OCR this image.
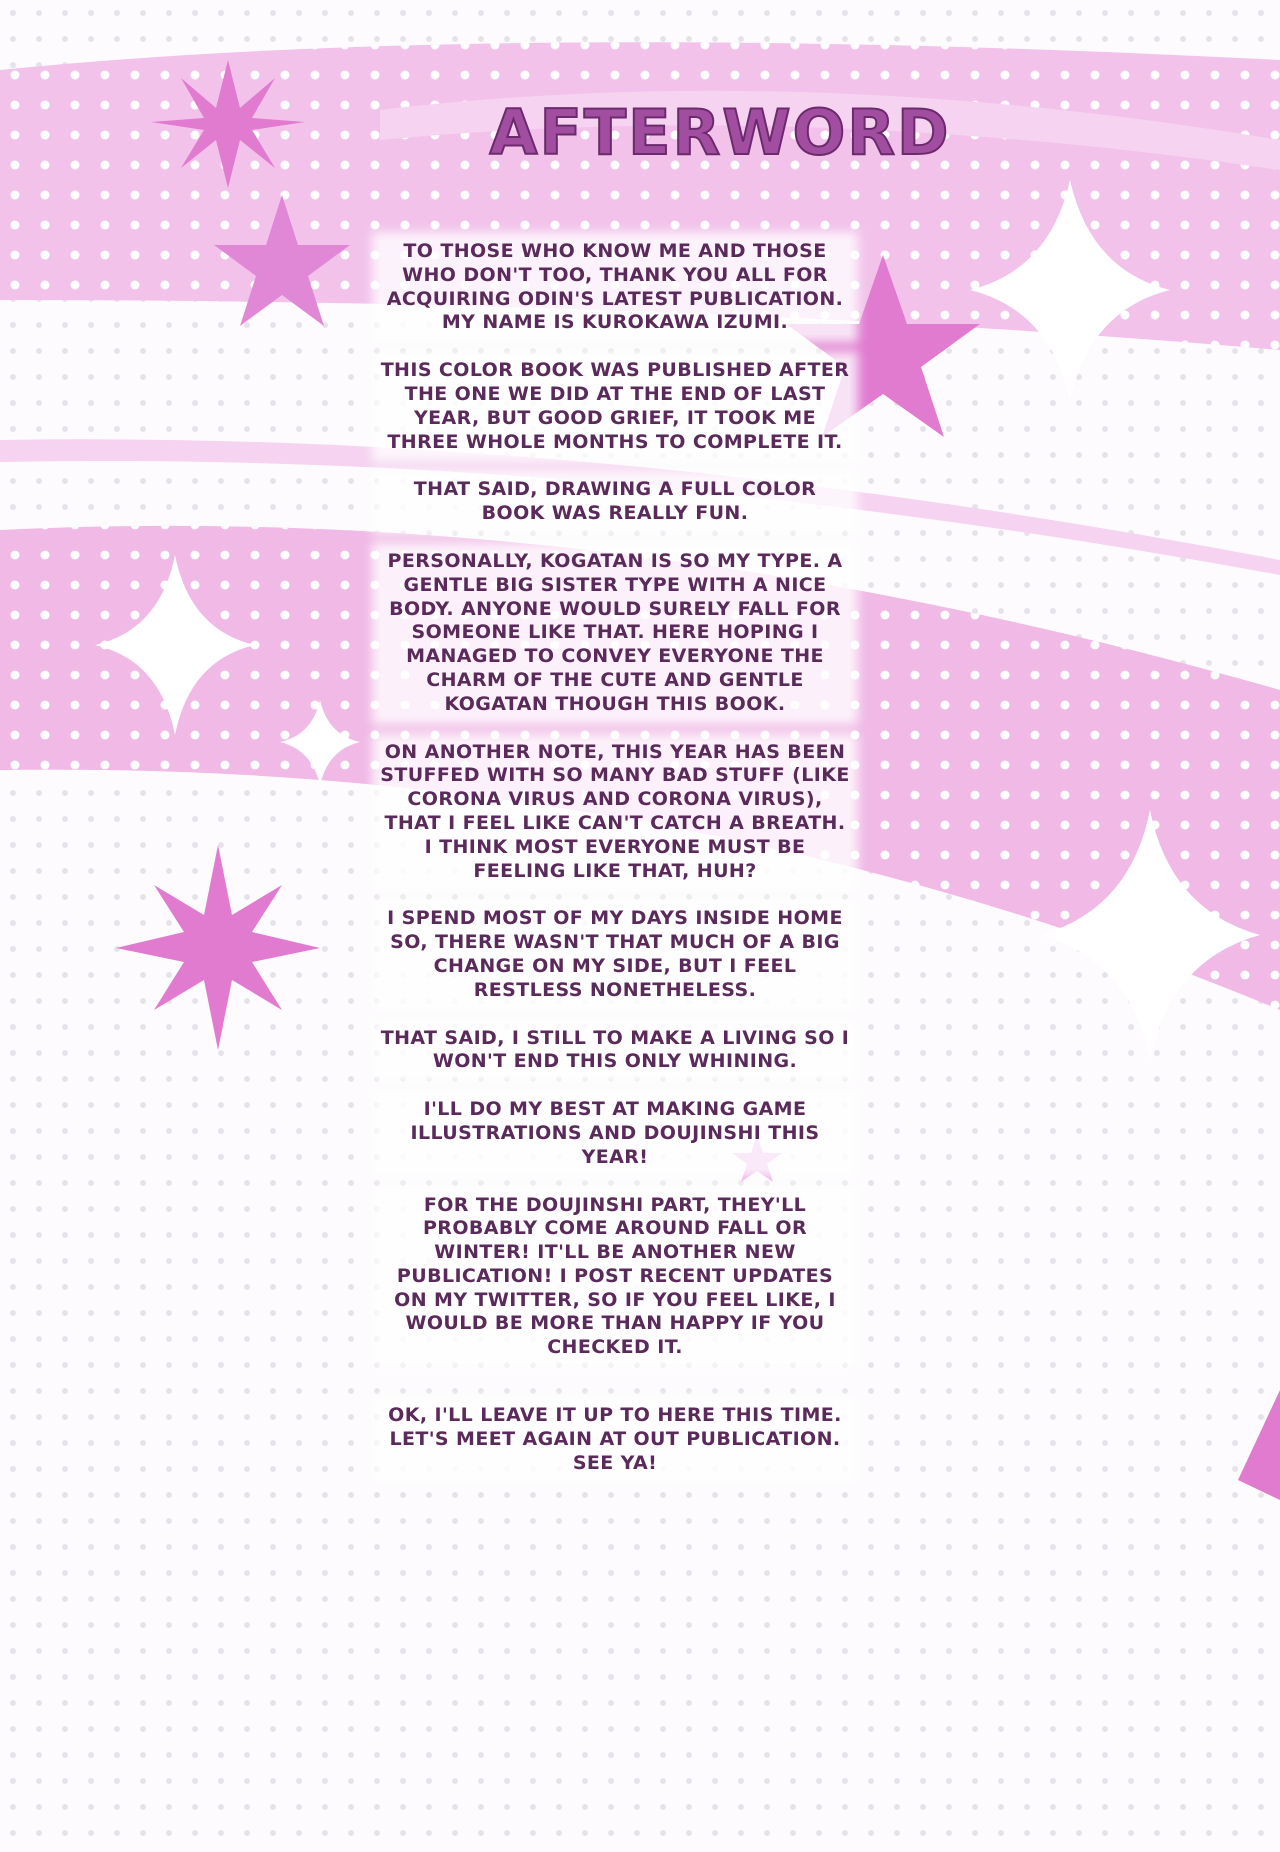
AFTERWORD

TO THOSE WHO KNOW ME AND THOSE WHO DON'T TOO, THANK YOU ALL FOR ACQUIRING ODIN'S LATEST PUBLICATION. MY NAME IS KUROKAWA IZUMI.

THIS COLOR BOOK WAS PUBLISHED AFTER THE ONE WE DID AT THE END OF LAST YEAR, BUT GOOD GRIEF, IT TOOK ME THREE WHOLE MONTHS TO COMPLETE IT.

THAT SAID, DRAWING A FULL COLOR BOOK WAS REALLY FUN.

PERSONALLY, KOGATAN IS SO MY TYPE. A GENTLE BIG SISTER TYPE WITH A NICE BODY. ANYONE WOULD SURELY FALL FOR SOMEONE LIKE THAT. HERE HOPING I MANAGED TO CONVEY EVERYONE THE CHARM OF THE CUTE AND GENTLE KOGATAN THOUGH THIS BOOK.

ON ANOTHER NOTE, THIS YEAR HAS BEEN STUFFED WITH SO MANY BAD STUFF (LIKE CORONA VIRUS AND CORONA VIRUS), THAT I FEEL LIKE CAN'T CATCH A BREATH. I THINK MOST EVERYONE MUST BE FEELING LIKE THAT, HUH?

I SPEND MOST OF MY DAYS INSIDE HOME SO, THERE WASN'T THAT MUCH OF A BIG CHANGE ON MY SIDE, BUT I FEEL RESTLESS NONETHELESS.

THAT SAID, I STILL TO MAKE A LIVING SO I WON'T END THIS ONLY WHINING.

I'LL DO MY BEST AT MAKING GAME ILLUSTRATIONS AND DOUJINSHI THIS YEAR!

FOR THE DOUJINSHI PART, THEY'LL PROBABLY COME AROUND FALL OR WINTER! IT'LL BE ANOTHER NEW PUBLICATION! I POST RECENT UPDATES ON MY TWITTER, SO IF YOU FEEL LIKE, I WOULD BE MORE THAN HAPPY IF YOU CHECKED IT.

OK, I'LL LEAVE IT UP TO HERE THIS TIME. LET'S MEET AGAIN AT OUT PUBLICATION. SEE YA!
